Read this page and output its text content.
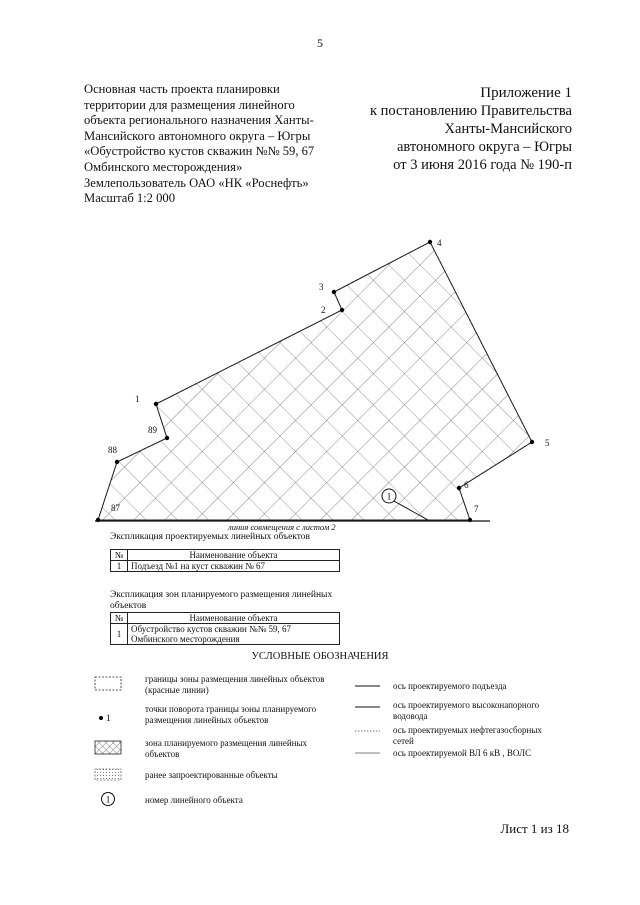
5
Основная часть проекта планировки
территории для размещения линейного
объекта регионального назначения Ханты-
Мансийского автономного округа – Югры
«Обустройство кустов скважин №№ 59, 67
Омбинского месторождения»
Землепользователь ОАО «НК «Роснефть»
Масштаб 1:2 000
Приложение 1
к постановлению Правительства
Ханты-Мансийского
автономного округа – Югры
от 3 июня 2016 года № 190-п
1
2
3
4
5
6
7
87
88
89
1
линия совмещения с листом 2
1
1
Экспликация проектируемых линейных объектов
№	Наименование объекта
1	Подъезд №1 на куст скважин № 67
Экспликация зон планируемого размещения линейных объектов
№	Наименование объекта
1	Обустройство кустов скважин №№ 59, 67 Омбинского месторождения
УСЛОВНЫЕ ОБОЗНАЧЕНИЯ
границы зоны размещения линейных объектов (красные линии)
точки поворота границы зоны планируемого размещения линейных объектов
зона планируемого размещения линейных объектов
ранее запроектированные объекты
номер линейного объекта
ось проектируемого подъезда
ось проектируемого высоконапорного водовода
ось проектируемых нефтегазосборных сетей
ось проектируемой ВЛ 6 кВ , ВОЛС
Лист 1 из 18
